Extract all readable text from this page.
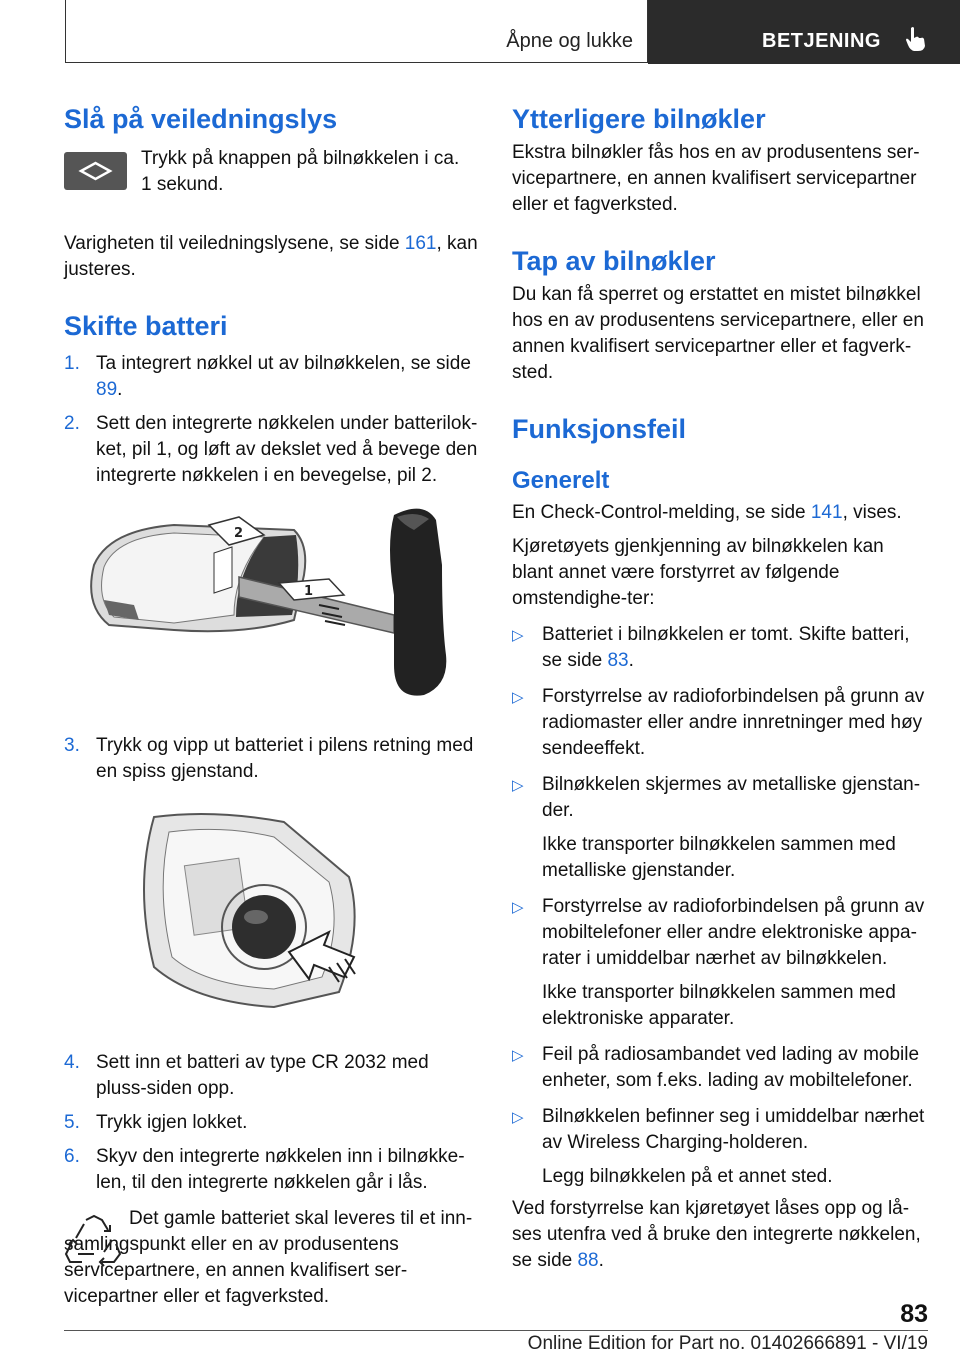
Åpne og lukke	BETJENING
Slå på veiledningslys

Trykk på knappen på bilnøkkelen i ca. 1 sekund.

Varigheten til veiledningslysene, se side 161, kan justeres.

Skifte batteri

1. Ta integrert nøkkel ut av bilnøkkelen, se side 89.

2. Sett den integrerte nøkkelen under batterilok-ket, pil 1, og løft av dekslet ved å bevege den integrerte nøkkelen i en bevegelse, pil 2.

2
1

3. Trykk og vipp ut batteriet i pilens retning med en spiss gjenstand.

4. Sett inn et batteri av type CR 2032 med pluss-siden opp.

5. Trykk igjen lokket.

6. Skyv den integrerte nøkkelen inn i bilnøkke-len, til den integrerte nøkkelen går i lås.

Det gamle batteriet skal leveres til et inn-samlingspunkt eller en av produsentens servicepartnere, en annen kvalifisert ser-vicepartner eller et fagverksted.

Ytterligere bilnøkler

Ekstra bilnøkler fås hos en av produsentens ser-vicepartnere, en annen kvalifisert servicepartner eller et fagverksted.

Tap av bilnøkler

Du kan få sperret og erstattet en mistet bilnøkkel hos en av produsentens servicepartnere, eller en annen kvalifisert servicepartner eller et fagverk-sted.

Funksjonsfeil
Generelt

En Check-Control-melding, se side 141, vises.

Kjøretøyets gjenkjenning av bilnøkkelen kan blant annet være forstyrret av følgende omstendighe-ter:

▷ Batteriet i bilnøkkelen er tomt. Skifte batteri, se side 83.

▷ Forstyrrelse av radioforbindelsen på grunn av radiomaster eller andre innretninger med høy sendeeffekt.

▷ Bilnøkkelen skjermes av metalliske gjenstan-der.

Ikke transporter bilnøkkelen sammen med metalliske gjenstander.

▷ Forstyrrelse av radioforbindelsen på grunn av mobiltelefoner eller andre elektroniske appa-rater i umiddelbar nærhet av bilnøkkelen.

Ikke transporter bilnøkkelen sammen med elektroniske apparater.

▷ Feil på radiosambandet ved lading av mobile enheter, som f.eks. lading av mobiltelefoner.

▷ Bilnøkkelen befinner seg i umiddelbar nærhet av Wireless Charging-holderen.

Legg bilnøkkelen på et annet sted.

Ved forstyrrelse kan kjøretøyet låses opp og lå-ses utenfra ved å bruke den integrerte nøkkelen, se side 88.

83
Online Edition for Part no. 01402666891 - VI/19
